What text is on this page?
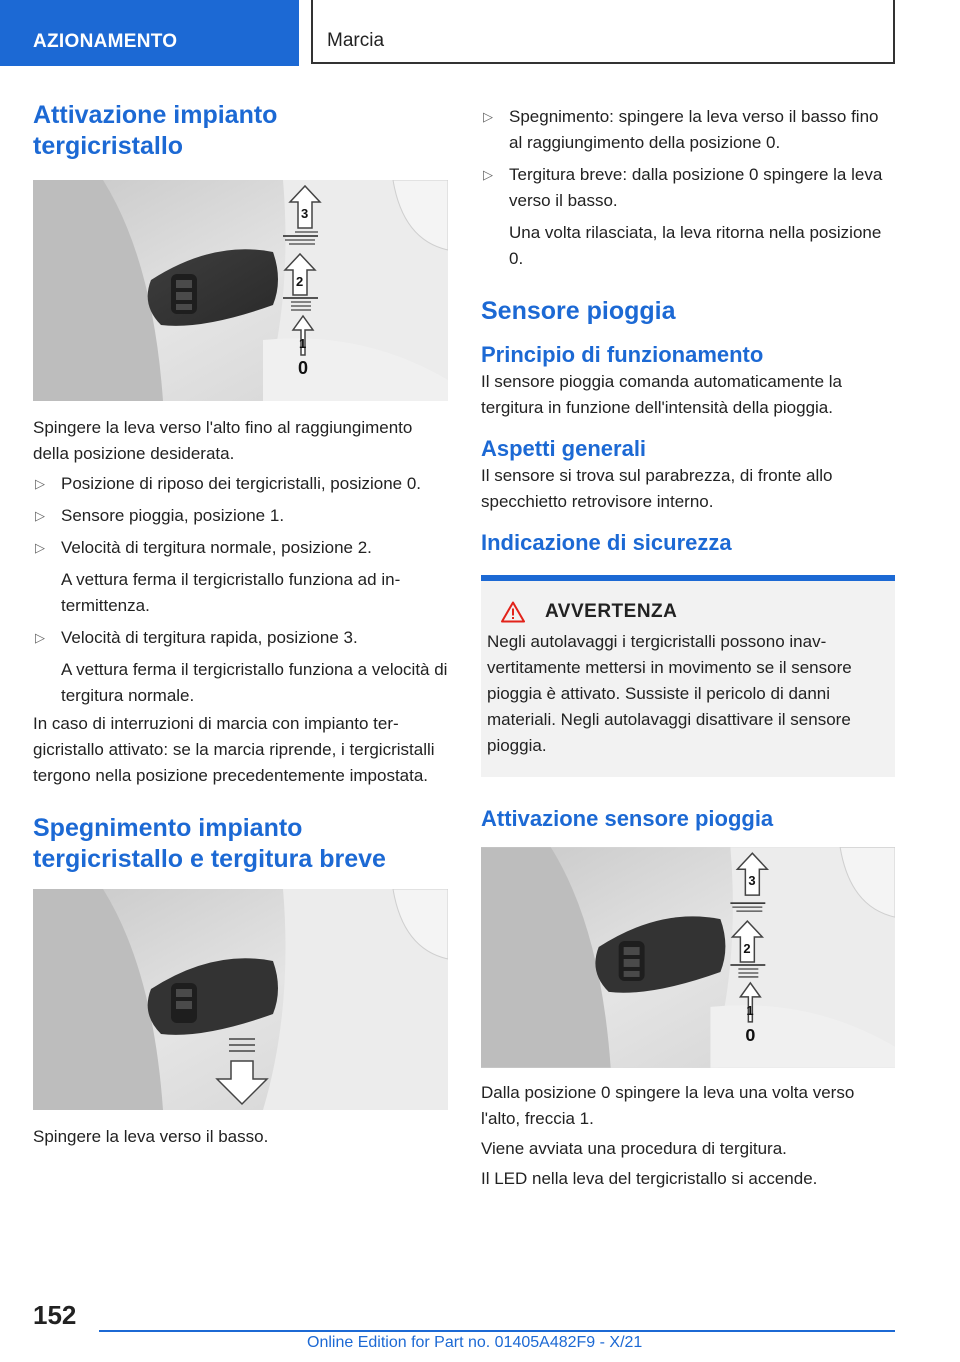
AZIONAMENTO	Marcia
Attivazione impianto tergicristallo
0
1
2
3

Spingere la leva verso l'alto fino al raggiungimento della posizione desiderata.

▷ Posizione di riposo dei tergicristalli, posizione 0.
▷ Sensore pioggia, posizione 1.
▷ Velocità di tergitura normale, posizione 2.
A vettura ferma il tergicristallo funziona ad intermittenza.
▷ Velocità di tergitura rapida, posizione 3.
A vettura ferma il tergicristallo funziona a velocità di tergitura normale.

In caso di interruzioni di marcia con impianto tergicristallo attivato: se la marcia riprende, i tergicristalli tergono nella posizione precedentemente impostata.

Spegnimento impianto tergicristallo e tergitura breve

Spingere la leva verso il basso.

▷ Spegnimento: spingere la leva verso il basso fino al raggiungimento della posizione 0.
▷ Tergitura breve: dalla posizione 0 spingere la leva verso il basso.
Una volta rilasciata, la leva ritorna nella posizione 0.
Sensore pioggia
Principio di funzionamento

Il sensore pioggia comanda automaticamente la tergitura in funzione dell'intensità della pioggia.

Aspetti generali

Il sensore si trova sul parabrezza, di fronte allo specchietto retrovisore interno.

Indicazione di sicurezza
AVVERTENZA

Negli autolavaggi i tergicristalli possono inavvertitamente mettersi in movimento se il sensore pioggia è attivato. Sussiste il pericolo di danni materiali. Negli autolavaggi disattivare il sensore pioggia.

Attivazione sensore pioggia
0
1
2
3

Dalla posizione 0 spingere la leva una volta verso l'alto, freccia 1.

Viene avviata una procedura di tergitura.

Il LED nella leva del tergicristallo si accende.

152
Online Edition for Part no. 01405A482F9 - X/21
